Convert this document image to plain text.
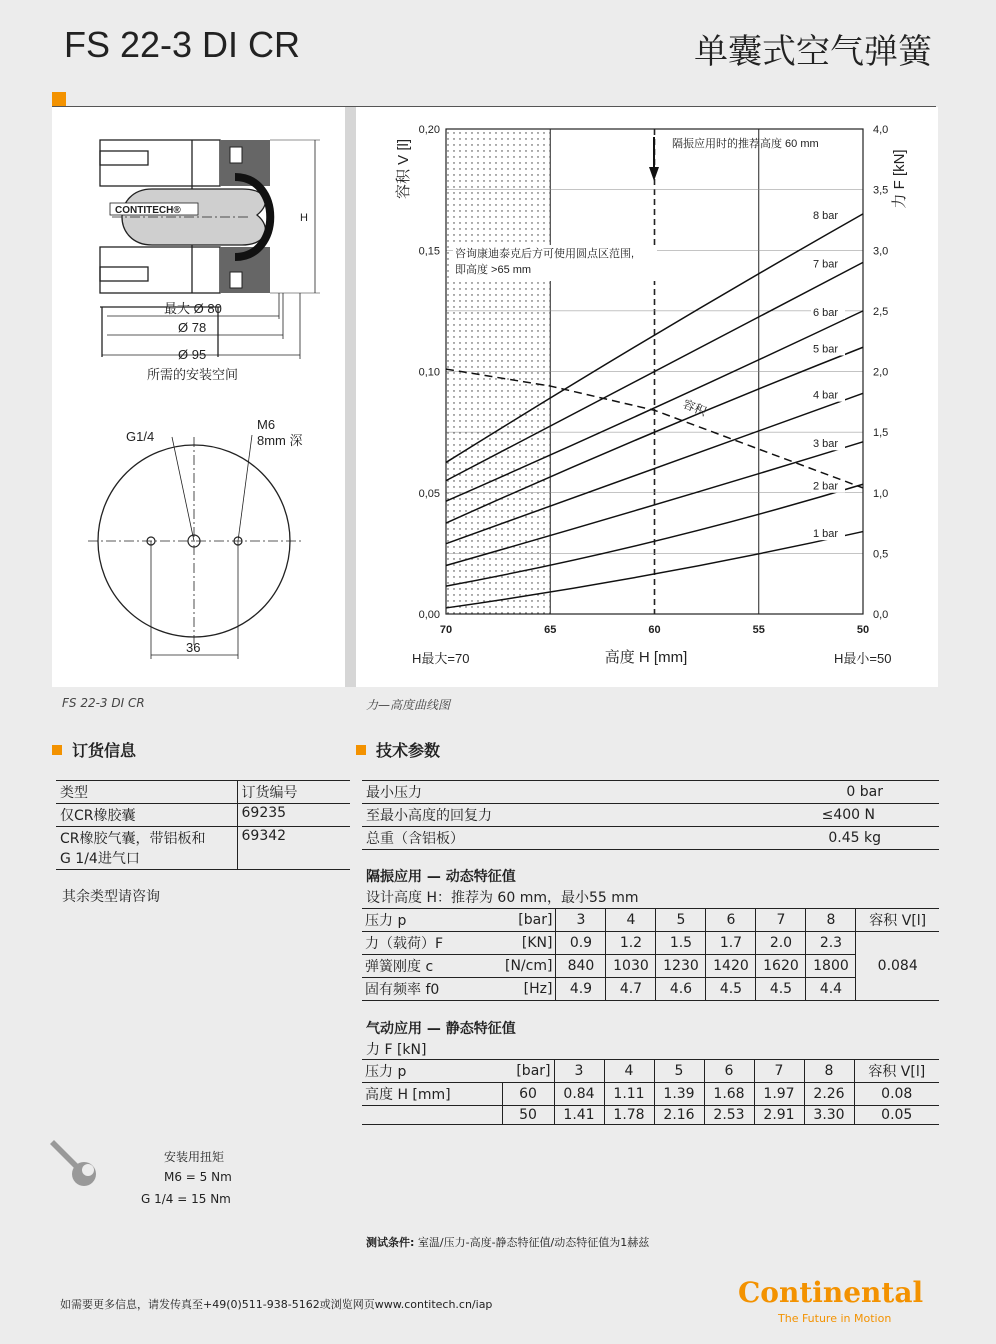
FS 22-3 DI CR	单囊式空气弹簧
CONTITECH®
H
最大 Ø 80
Ø 78
Ø 95
所需的安装空间
G1/4
M6
8mm 深
36
1 bar
2 bar
3 bar
4 bar
5 bar
6 bar
7 bar
8 bar
70	65	60	55	50
0,00
0,05
0,10
0,15
0,20
0,0
0,5
1,0
1,5
2,0
2,5
3,0
3,5
4,0
容积 V [l]	力 F [kN]
高度 H [mm]
H最大=70	H最小=50
隔振应用时的推荐高度 60 mm
咨询康迪泰克后方可使用圆点区范围,
即高度 >65 mm
容积
FS 22-3 DI CR	力—高度曲线图
订货信息
类型	订货编号
仅CR橡胶囊	69235

CR橡胶气囊，带铝板和
G 1/4进气口	69342
其余类型请咨询
技术参数
最小压力	0 bar
至最小高度的回复力	≤400 N
总重（含铝板）	0.45 kg
隔振应用 — 动态特征值
设计高度 H：推荐为 60 mm，最小55 mm
压力 p	[bar]	3	4	5	6	7	8	容积 V[l]
力（载荷）F	[KN]	0.9	1.2	1.5	1.7	2.0	2.3	0.084
弹簧刚度 c	[N/cm]	840	1030	1230	1420	1620	1800	
固有频率 f0	[Hz]	4.9	4.7	4.6	4.5	4.5	4.4	
气动应用 — 静态特征值
力 F [kN]
压力 p	[bar]	3	4	5	6	7	8	容积 V[l]
高度 H [mm]	60	0.84	1.11	1.39	1.68	1.97	2.26	0.08
	50	1.41	1.78	2.16	2.53	2.91	3.30	0.05
安装用扭矩
M6 = 5 Nm
G 1/4 = 15 Nm
测试条件: 室温/压力-高度-静态特征值/动态特征值为1赫兹
如需要更多信息，请发传真至+49(0)511-938-5162或浏览网页www.contitech.cn/iap	Continental
The Future in Motion
